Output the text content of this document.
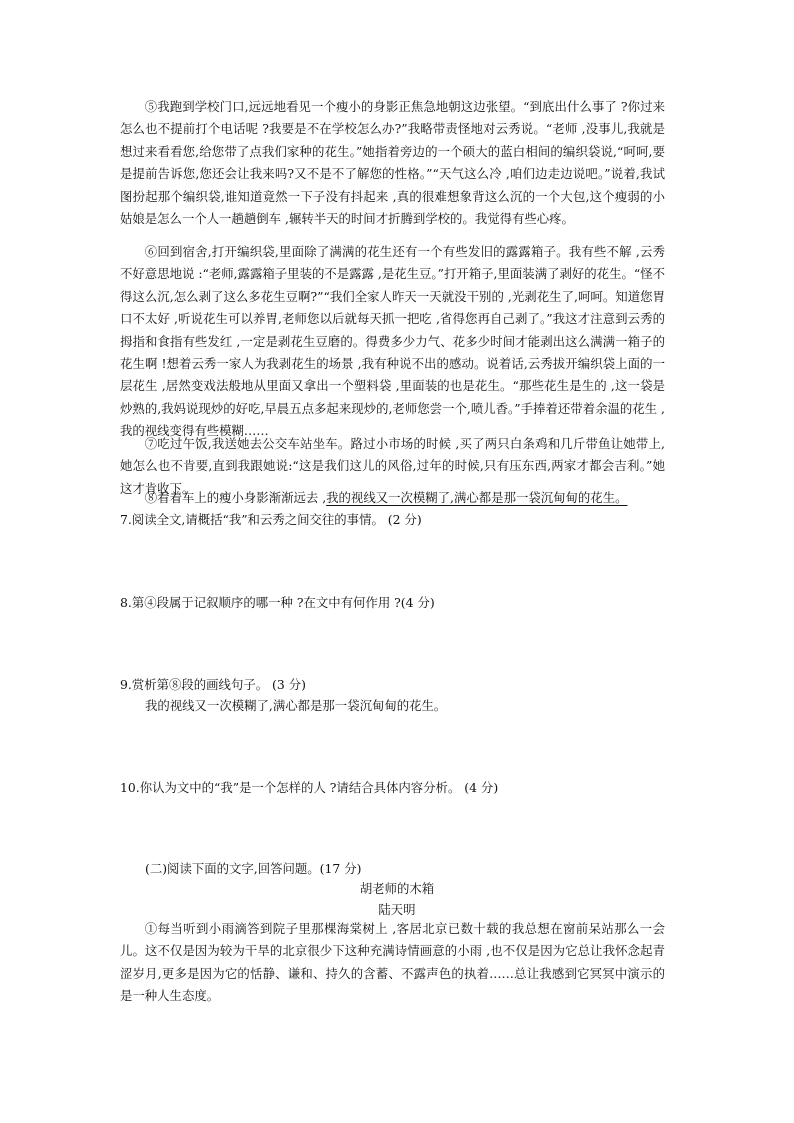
⑤我跑到学校门口,远远地看见一个瘦小的身影正焦急地朝这边张望。“到底出什么事了 ?你过来怎么也不提前打个电话呢 ?我要是不在学校怎么办?”我略带责怪地对云秀说。“老师 ,没事儿,我就是想过来看看您,给您带了点我们家种的花生。”她指着旁边的一个硕大的蓝白相间的编织袋说,“呵呵,要是提前告诉您,您还会让我来吗?又不是不了解您的性格。”“天气这么冷 ,咱们边走边说吧。”说着,我试图扮起那个编织袋,谁知道竟然一下子没有抖起来 ,真的很难想象背这么沉的一个大包,这个瘦弱的小姑娘是怎么一个人一趟趟倒车 ,辗转半天的时间才折腾到学校的。我觉得有些心疼。

⑥回到宿舍,打开编织袋,里面除了满满的花生还有一个有些发旧的露露箱子。我有些不解 ,云秀不好意思地说 :“老师,露露箱子里装的不是露露 ,是花生豆。”打开箱子,里面装满了剥好的花生。“怪不得这么沉,怎么剥了这么多花生豆啊?”“我们全家人昨天一天就没干别的 ,光剥花生了,呵呵。知道您胃口不太好 ,听说花生可以养胃,老师您以后就每天抓一把吃 ,省得您再自己剥了。”我这才注意到云秀的拇指和食指有些发红 ,一定是剥花生豆磨的。得费多少力气、花多少时间才能剥出这么满满一箱子的花生啊 !想着云秀一家人为我剥花生的场景 ,我有种说不出的感动。说着话,云秀拔开编织袋上面的一层花生 ,居然变戏法般地从里面又拿出一个塑料袋 ,里面装的也是花生。“那些花生是生的 ,这一袋是炒熟的,我妈说现炒的好吃,早晨五点多起来现炒的,老师您尝一个,喷儿香。”手捧着还带着余温的花生 ,我的视线变得有些模糊……

⑦吃过午饭,我送她去公交车站坐车。路过小市场的时候 ,买了两只白条鸡和几斤带鱼让她带上,她怎么也不肯要,直到我跟她说:“这是我们这儿的风俗,过年的时候,只有压东西,两家才都会吉利。”她这才肯收下。

⑧看着车上的瘦小身影渐渐远去 ,我的视线又一次模糊了,满心都是那一袋沉甸甸的花生。

7.阅读全文,请概括“我”和云秀之间交往的事情。 (2 分)

8.第④段属于记叙顺序的哪一种 ?在文中有何作用 ?(4 分)

9.赏析第⑧段的画线句子。 (3 分)

我的视线又一次模糊了,满心都是那一袋沉甸甸的花生。

10.你认为文中的“我”是一个怎样的人 ?请结合具体内容分析。 (4 分)

(二)阅读下面的文字,回答问题。(17 分)

胡老师的木箱

陆天明

①每当听到小雨滴答到院子里那棵海棠树上 ,客居北京已数十载的我总想在窗前呆站那么一会儿。这不仅是因为较为干旱的北京很少下这种充满诗情画意的小雨 ,也不仅是因为它总让我怀念起青涩岁月,更多是因为它的恬静、谦和、持久的含蓄、不露声色的执着……总让我感到它冥冥中演示的是一种人生态度。
